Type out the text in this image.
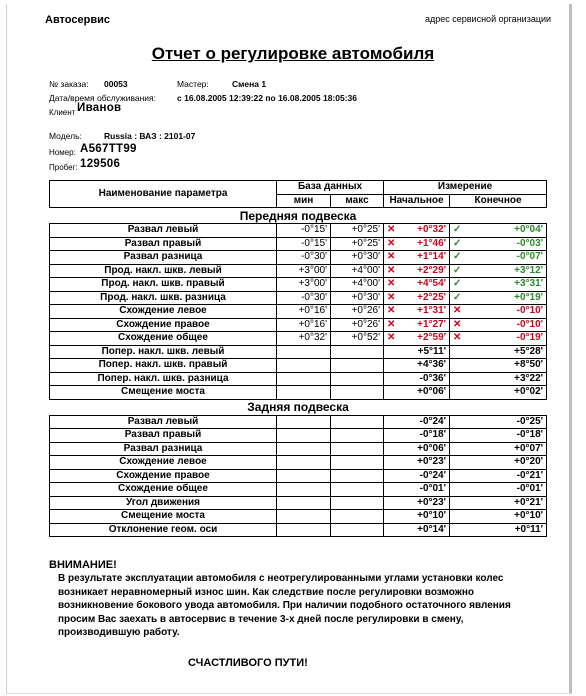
Автосервис	адрес сервисной организации
Отчет о регулировке автомобиля
№ заказа: 00053	Мастер:	Смена 1
Дата/время обслуживания: с 16.08.2005 12:39:22 по 16.08.2005 18:05:36
Клиент Иванов
Модель:	Russia : ВАЗ : 2101-07
Номер: А567ТТ99
Пробег: 129506
Наименование параметра	База данных		Измерение			
	мин	макс	Начальное		Конечное	
Передняя подвеска						
Развал левый	-0°15'	+0°25'	✕	+0°32'	✓	+0°04'
Развал правый	-0°15'	+0°25'	✕	+1°46'	✓	-0°03'
Развал разница	-0°30'	+0°30'	✕	+1°14'	✓	-0°07'
Прод. накл. шкв. левый	+3°00'	+4°00'	✕	+2°29'	✓	+3°12'
Прод. накл. шкв. правый	+3°00'	+4°00'	✕	+4°54'	✓	+3°31'
Прод. накл. шкв. разница	-0°30'	+0°30'	✕	+2°25'	✓	+0°19'
Схождение левое	+0°16'	+0°26'	✕	+1°31'	✕	-0°10'
Схождение правое	+0°16'	+0°26'	✕	+1°27'	✕	-0°10'
Схождение общее	+0°32'	+0°52'	✕	+2°59'	✕	-0°19'
Попер. накл. шкв. левый				+5°11'		+5°28'
Попер. накл. шкв. правый				+4°36'		+8°50'
Попер. накл. шкв. разница				-0°36'		+3°22'
Смещение моста				+0°06'		+0°02'
Задняя подвеска						
Развал левый			-0°24'		-0°25'	
Развал правый			-0°18'		-0°18'	
Развал разница			+0°06'		+0°07'	
Схождение левое			+0°23'		+0°20'	
Схождение правое			-0°24'		-0°21'	
Схождение общее			-0°01'		-0°01'	
Угол движения			+0°23'		+0°21'	
Смещение моста			+0°10'		+0°10'	
Отклонение геом. оси			+0°14'		+0°11'	
ВНИМАНИЕ!
В результате эксплуатации автомобиля с неотрегулированными углами установки колес возникает неравномерный износ шин. Как следствие после регулировки возможно возникновение бокового увода автомобиля. При наличии подобного остаточного явления просим Вас заехать в автосервис в течение 3-х дней после регулировки в смену, производившую работу.
СЧАСТЛИВОГО ПУТИ!
